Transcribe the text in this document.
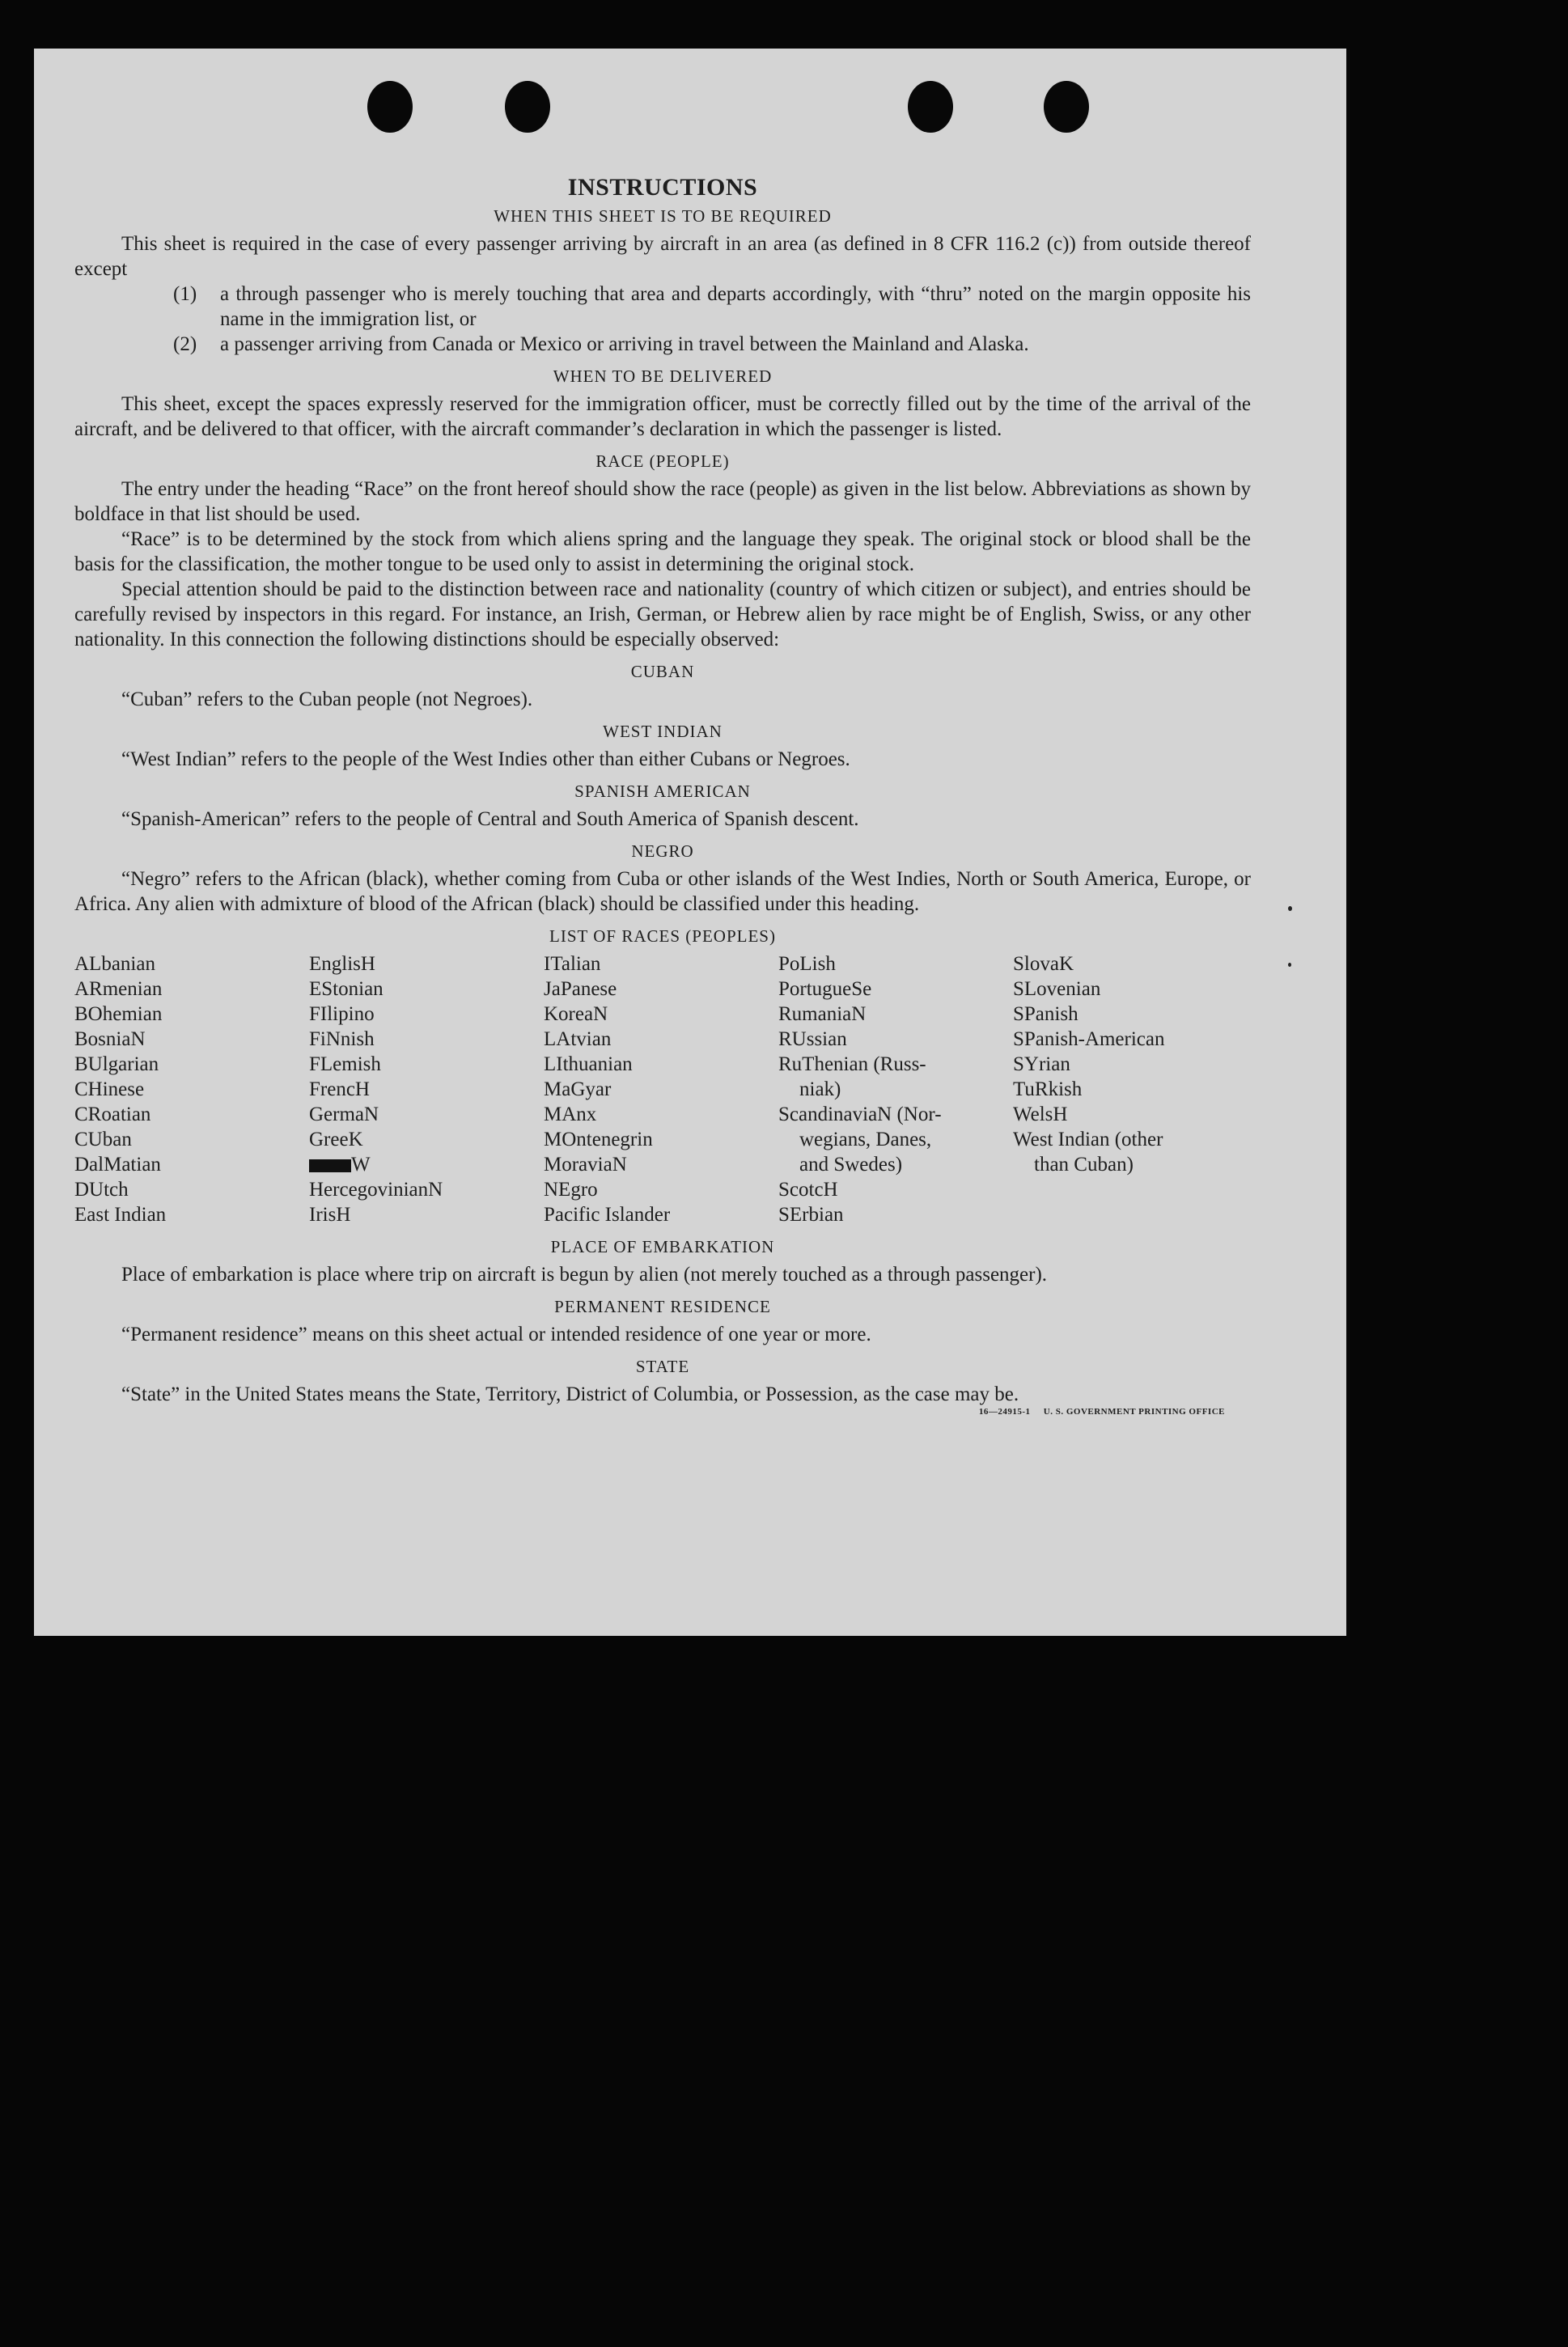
INSTRUCTIONS
WHEN THIS SHEET IS TO BE REQUIRED

This sheet is required in the case of every passenger arriving by aircraft in an area (as defined in 8 CFR 116.2 (c)) from outside thereof except

(1)	a through passenger who is merely touching that area and departs accordingly, with “thru” noted on the margin opposite his name in the immigration list, or
(2)	a passenger arriving from Canada or Mexico or arriving in travel between the Mainland and Alaska.
WHEN TO BE DELIVERED

This sheet, except the spaces expressly reserved for the immigration officer, must be correctly filled out by the time of the arrival of the aircraft, and be delivered to that officer, with the aircraft commander’s declaration in which the passenger is listed.

RACE (PEOPLE)

The entry under the heading “Race” on the front hereof should show the race (people) as given in the list below. Abbreviations as shown by boldface in that list should be used.

“Race” is to be determined by the stock from which aliens spring and the language they speak. The original stock or blood shall be the basis for the classification, the mother tongue to be used only to assist in determining the original stock.

Special attention should be paid to the distinction between race and nationality (country of which citizen or subject), and entries should be carefully revised by inspectors in this regard. For instance, an Irish, German, or Hebrew alien by race might be of English, Swiss, or any other nationality. In this connection the following distinctions should be especially observed:

CUBAN

“Cuban” refers to the Cuban people (not Negroes).

WEST INDIAN

“West Indian” refers to the people of the West Indies other than either Cubans or Negroes.

SPANISH AMERICAN

“Spanish-American” refers to the people of Central and South America of Spanish descent.

NEGRO

“Negro” refers to the African (black), whether coming from Cuba or other islands of the West Indies, North or South America, Europe, or Africa. Any alien with admixture of blood of the African (black) should be classified under this heading.

LIST OF RACES (PEOPLES)
ALbanian
ARmenian
BOhemian
BosniaN
BUlgarian
CHinese
CRoatian
CUban
DalMatian
DUtch
East Indian
EnglisH
EStonian
FIlipino
FiNnish
FLemish
FrencH
GermaN
GreeK
W
HercegovinianN
IrisH
ITalian
JaPanese
KoreaN
LAtvian
LIthuanian
MaGyar
MAnx
MOntenegrin
MoraviaN
NEgro
Pacific Islander
PoLish
PortugueSe
RumaniaN
RUssian
RuThenian (Russ-
niak)
ScandinaviaN (Nor-
wegians, Danes,
and Swedes)
ScotcH
SErbian
SlovaK
SLovenian
SPanish
SPanish-American
SYrian
TuRkish
WelsH
West Indian (other
than Cuban)
PLACE OF EMBARKATION

Place of embarkation is place where trip on aircraft is begun by alien (not merely touched as a through passenger).

PERMANENT RESIDENCE

“Permanent residence” means on this sheet actual or intended residence of one year or more.

STATE

“State” in the United States means the State, Territory, District of Columbia, or Possession, as the case may be.

16—24915-1 U. S. GOVERNMENT PRINTING OFFICE
